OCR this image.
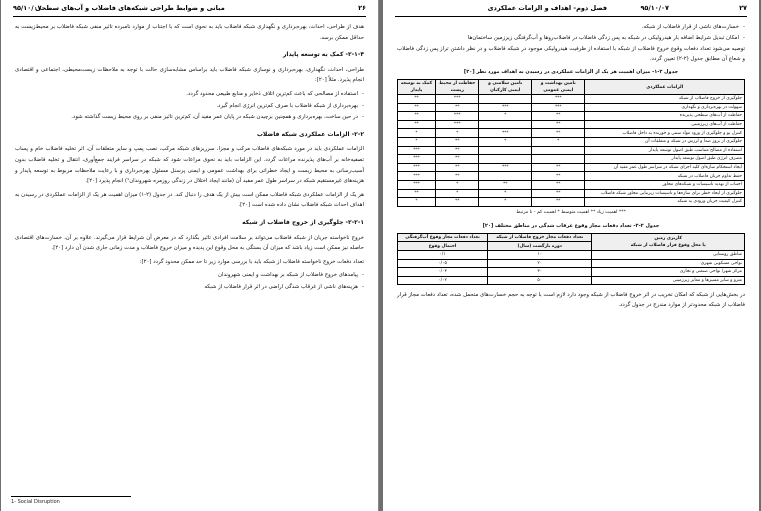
۲۶
مبانی و ضوابط طراحی شبکه‌های فاضلاب و آب‌های سطحی
۹۵/۱۰/۰۷

هدف از طراحی، احداث، بهره‌برداری و نگهداری شبکه فاضلاب باید به نحوی است که با اجتناب از موارد نامبرده تاثیر منفی شبکه فاضلاب بر محیط‌زیست به حداقل ممکن برسد.

۲-۱-۴- کمک به توسعه پایدار

طراحی، احداث، نگهداری، بهره‌برداری و نوسازی شبکه فاضلاب باید براساس مشابه‌سازی حالت با توجه به ملاحظات زیست‌محیطی، اجتماعی و اقتصادی انجام پذیرد. مثلاً [۲۰]:

- استفاده از مصالحی که باعث کم‌ترین اتلاف ذخایر و منابع طبیعی محدود گردد.
- بهره‌برداری از شبکه فاضلاب با صرف کم‌ترین انرژی انجام گیرد.
- در حین ساخت، بهره‌برداری و همچنین برچیدن شبکه در پایان عمر مفید آن، کم‌ترین تاثیر منفی بر روی محیط زیست گذاشته شود.
۲-۲- الزامات عملکردی شبکه فاضلاب

الزامات عملکردی باید در مورد شبکه‌های فاضلاب مرکب و مجزا، سرریزهای شبکه مرکب، نصب پمپ و سایر متعلقات آن، اثر تخلیه فاضلاب خام و پساب تصفیه‌خانه بر آب‌های پذیرنده مراعات گردد. این الزامات باید به نحوی مراعات شود که شبکه در سراسر فرایند جمع‌آوری، انتقال و تخلیه فاضلاب بدون آسیب‌رسانی به محیط زیست و ایجاد خطراتی برای بهداشت عمومی و ایمنی پرسنل مسئول بهره‌برداری و با رعایت ملاحظات مربوط به توسعه پایدار و هزینه‌های غیرمستقیم شبکه در سراسر طول عمر مفید آن (مانند ایجاد اختلال در زندگی روزمره شهروندان¹) انجام پذیرد [۲۰].

هر یک از الزامات عملکردی شبکه فاضلاب ممکن است بیش از یک هدف را دنبال کند. در جدول (۲-۱) میزان اهمیت هر یک از الزامات عملکردی در رسیدن به اهداف احداث شبکه فاضلاب نشان داده شده است [۲۰].

۲-۲-۱- جلوگیری از خروج فاضلاب از شبکه

خروج ناخواسته جریان از شبکه فاضلاب می‌تواند بر سلامت افرادی تاثیر بگذارد که در معرض آن شرایط قرار می‌گیرند. علاوه بر آن، خسارت‌های اقتصادی حاصله نیز ممکن است زیاد باشد که میزان آن بستگی به محل وقوع این پدیده و میزان خروج فاضلاب و مدت زمانی جاری شدن آن دارد [۲۰].

تعداد دفعات خروج ناخواسته فاضلاب از شبکه باید با بررسی موارد زیر تا حد ممکن محدود گردد [۲۰]:

- پیامدهای خروج فاضلاب از شبکه بر بهداشت و ایمنی شهروندان
- هزینه‌های ناشی از غرقاب شدگی اراضی در اثر قرار فاضلاب از شبکه
1- Social Disruption
۲۷
۹۵/۱۰/۰۷
فصل دوم- اهداف و الزامات عملکردی
- خسارت‌های ناشی از قرار فاضلاب از شبکه.
- امکان تبدیل شرایط اضافه بار هیدرولیکی در شبکه به پس زدگی فاضلاب در فاضلاب‌روها و آب‌گرفتگی زیرزمین ساختمان‌ها

توصیه می‌شود تعداد دفعات وقوع خروج فاضلاب از شبکه با استفاده از ظرفیت هیدرولیکی موجود در شبکه فاضلاب و در نظر داشتن تراز پس زدگی فاضلاب و شعاع آن مطابق جدول (۲-۲) تعیین گردد.

جدول ۲-۱- میزان اهمیت هر یک از الزامات عملکردی در رسیدن به اهداف مورد نظر [۲۰]
الزامات عملکردی	تامین بهداشت و ایمنی عمومی	تامین سلامتی و ایمنی کارکنان	حفاظت از محیط زیست	کمک به توسعه پایدار
جلوگیری از خروج فاضلاب از شبکه	***		***	**
سهولت در بهره‌برداری و نگهداری	***	***	**	**
حفاظت از آب‌های سطحی پذیرنده	**	*	***	**
حفاظت از آب‌های زیرزمینی	**		***	**
کنترل بو و جلوگیری از ورود مواد سمی و خورنده به داخل فاضلاب	**	***	*	*
جلوگیری از بروز صدا و لرزش در شبکه و متعلقات آن	*	*	**	*
استفاده از مصالح متناسب طبق اصول توسعه پایدار			**	***
مصرف انرژی طبق اصول توسعه پایدار			**	***
ایجاد استحکام سازه‌ای کلیه اجزای شبکه در سراسر طول عمر مفید آن	**	***	**	***
حفظ تداوم جریان فاضلاب در شبکه	**		**	***
اجتناب از تهدید تاسیسات و شبکه‌های مجاور	**	**	*	***
جلوگیری از ایجاد خطر برای سازه‌ها و تاسیسات زیربنایی مجاور شبکه فاضلاب	**	*	*	**
کنترل کیفیت جریان ورودی به شبکه	**	*	**	*
*** اهمیت زیاد ** اهمیت متوسط * اهمیت کم - نا مرتبط
جدول ۲-۲- تعداد دفعات مجاز وقوع غرقاب شدگی در مناطق مختلف [۲۰]
کاربری زمین
یا محل وقوع قرار فاضلاب از شبکه	تعداد دفعات مجاز خروج فاضلاب از شبکه	تعداد دفعات مجاز وقوع آب‌گرفتگی
	دوره بازگشت (سال)	احتمال وقوع
مناطق روستایی	۱۰	۰/۱
نواحی مسکونی شهری	۲۰	۰/۰۵
مرکز شهر/ نواحی صنعتی و تجاری	۳۰	۰/۰۳
مترو و سایر مسیرها و معابر زیرزمینی	۵۰	۰/۰۲

در بخش‌هایی از شبکه که امکان تخریب در اثر خروج فاضلاب از شبکه وجود دارد لازم است با توجه به حجم خسارت‌های متحمل شده، تعداد دفعات مجاز قرار فاضلاب از شبکه محدودتر از موارد مندرج در جدول گردد.
